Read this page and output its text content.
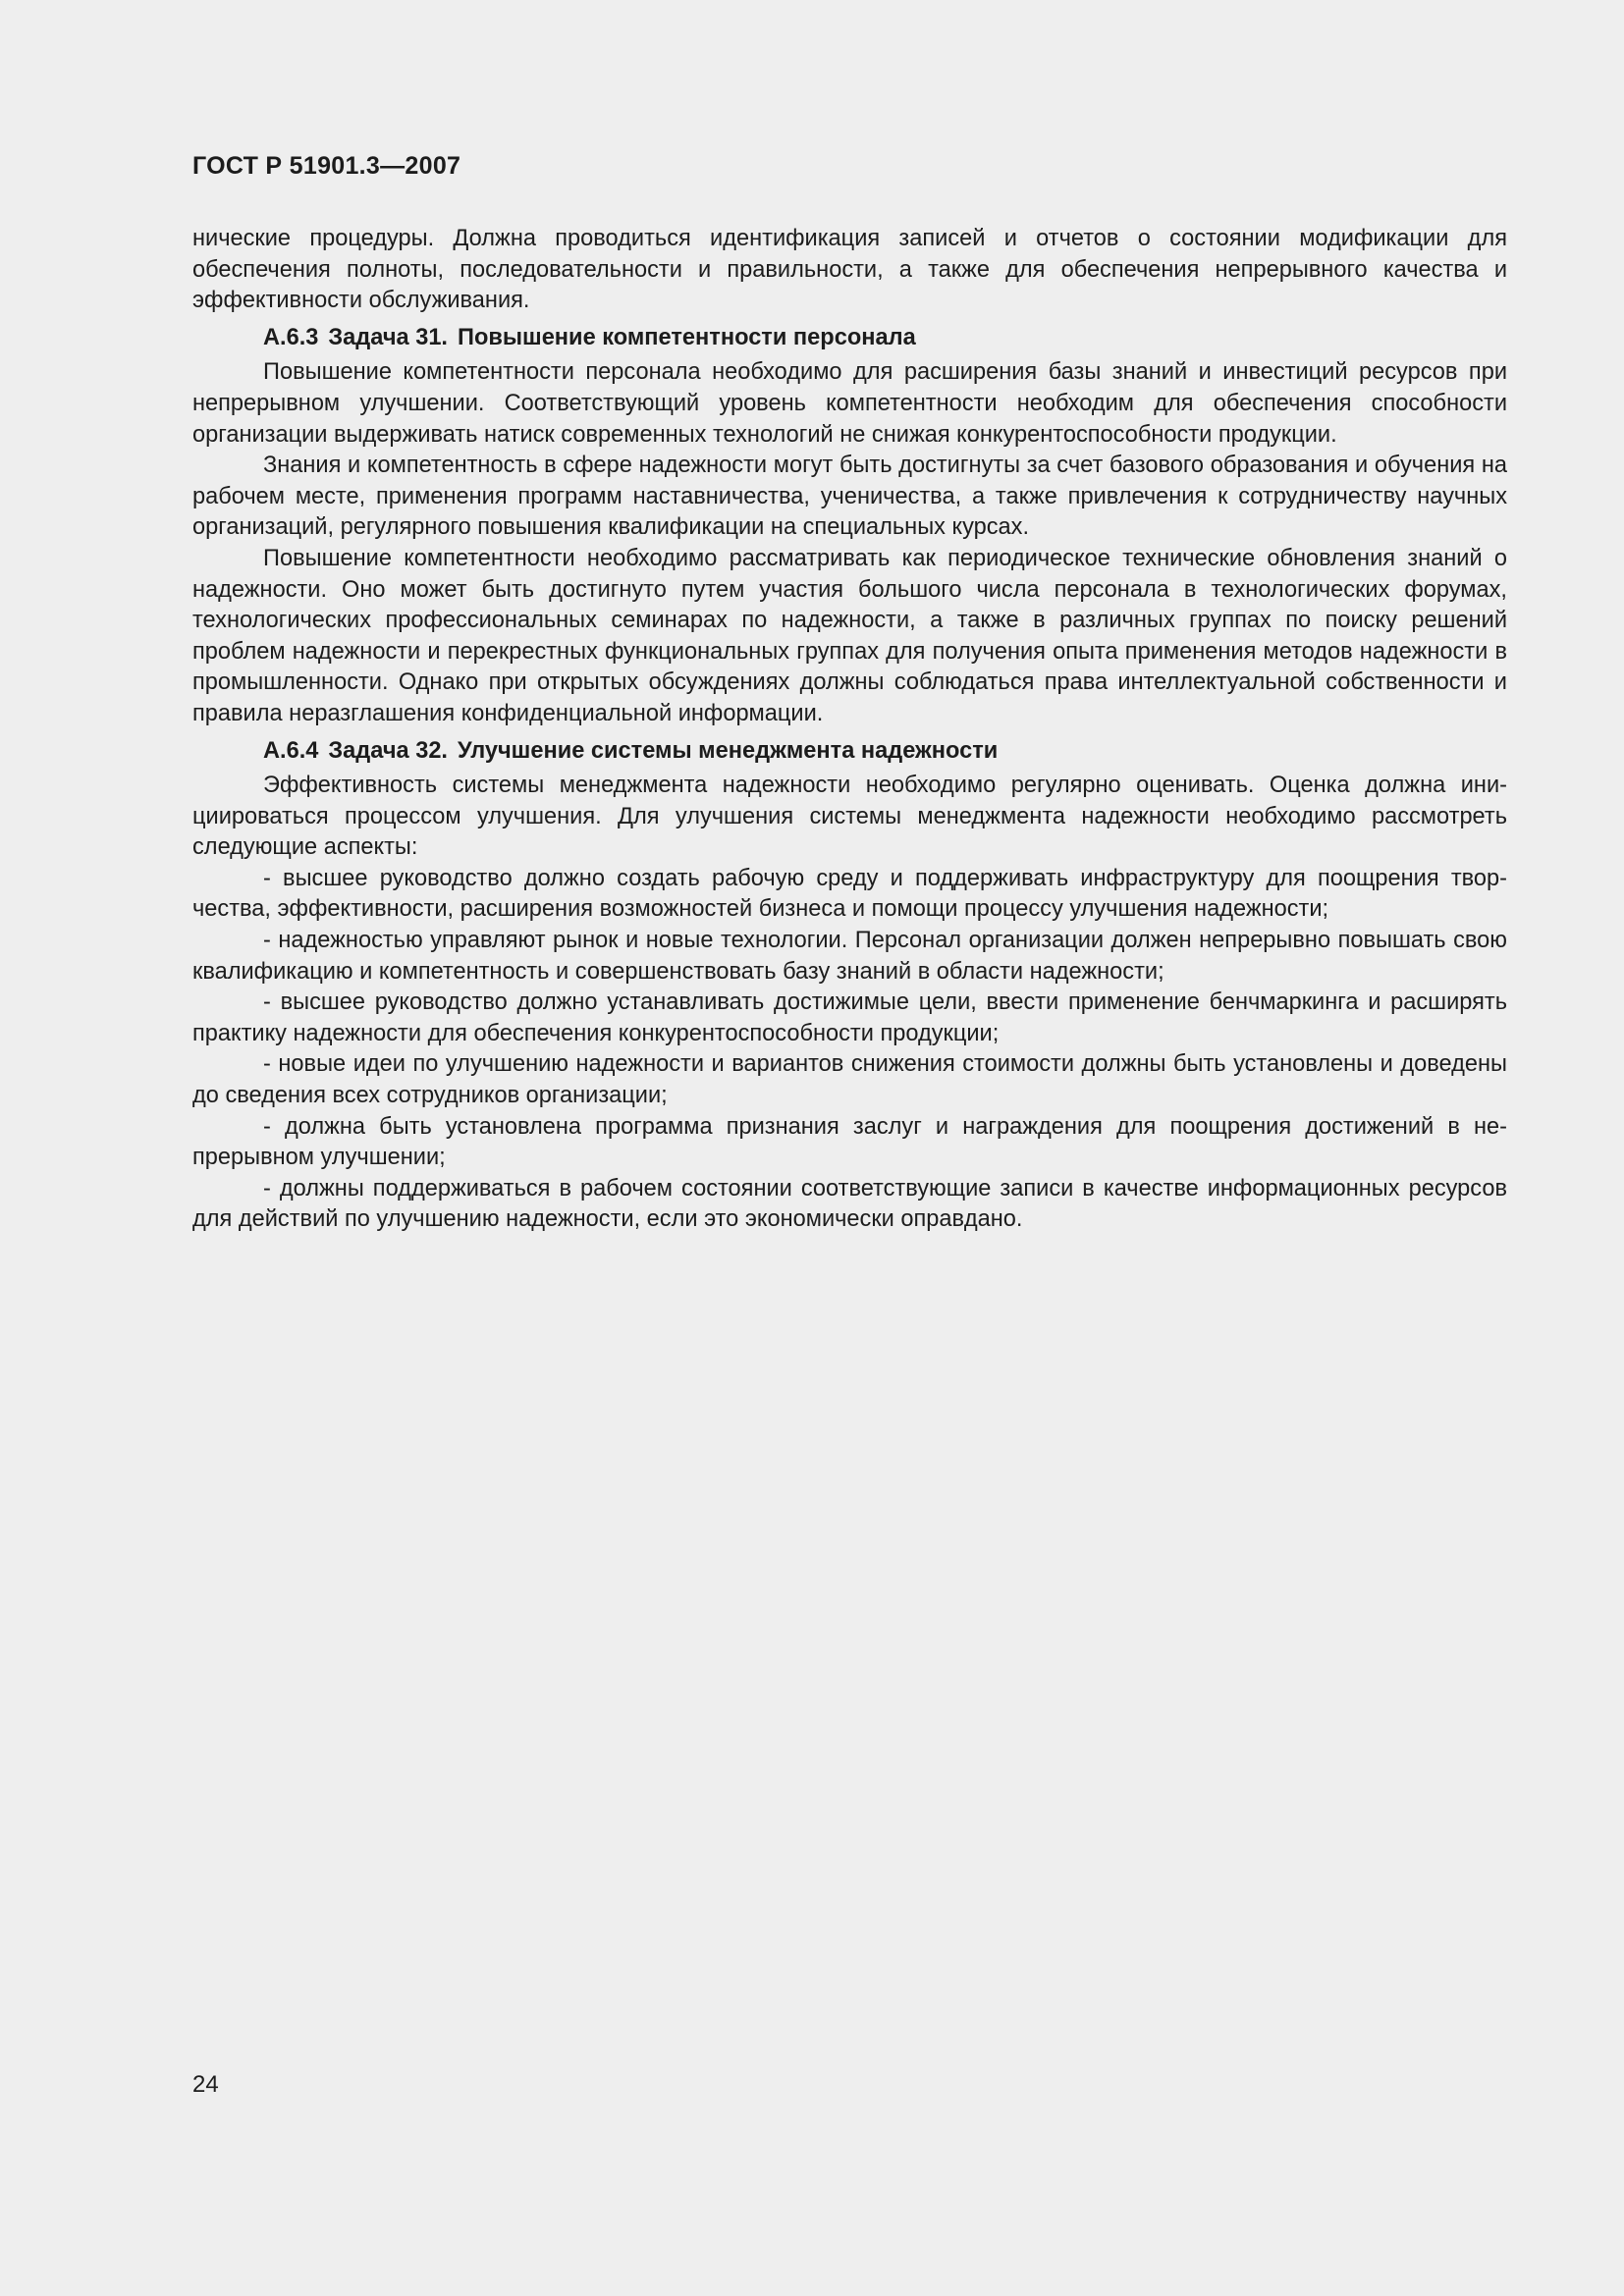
ГОСТ Р 51901.3—2007

нические процедуры. Должна проводиться идентификация записей и отчетов о состоянии модификации для обеспечения полноты, последовательности и правильности, а также для обеспечения непрерывного качества и эффективности обслуживания.

А.6.3 Задача 31. Повышение компетентности персонала

Повышение компетентности персонала необходимо для расширения базы знаний и инвестиций ресурсов при непрерывном улучшении. Соответствующий уровень компетентности необходим для обеспечения способности организации выдерживать натиск современных технологий не снижая конкурентоспособности продукции.

Знания и компетентность в сфере надежности могут быть достигнуты за счет базового образования и обучения на рабочем месте, применения программ наставничества, ученичества, а также привлечения к сотрудничеству научных организаций, регулярного повышения квалификации на специальных курсах.

Повышение компетентности необходимо рассматривать как периодическое технические обновления знаний о надежности. Оно может быть достигнуто путем участия большого числа персонала в технологических форумах, технологических профессиональных семинарах по надежности, а также в различных группах по поиску решений проблем надежности и перекрестных функциональных группах для получения опыта применения методов надежности в промышленности. Однако при открытых обсуждениях должны соблюдаться права интеллектуальной собственности и правила неразглашения конфиденциальной информации.

А.6.4 Задача 32. Улучшение системы менеджмента надежности

Эффективность системы менеджмента надежности необходимо регулярно оценивать. Оценка должна инициироваться процессом улучшения. Для улучшения системы менеджмента надежности необходимо рассмотреть следующие аспекты:

- высшее руководство должно создать рабочую среду и поддерживать инфраструктуру для поощрения творчества, эффективности, расширения возможностей бизнеса и помощи процессу улучшения надежности;

- надежностью управляют рынок и новые технологии. Персонал организации должен непрерывно повышать свою квалификацию и компетентность и совершенствовать базу знаний в области надежности;

- высшее руководство должно устанавливать достижимые цели, ввести применение бенчмаркинга и расширять практику надежности для обеспечения конкурентоспособности продукции;

- новые идеи по улучшению надежности и вариантов снижения стоимости должны быть установлены и доведены до сведения всех сотрудников организации;

- должна быть установлена программа признания заслуг и награждения для поощрения достижений в непрерывном улучшении;

- должны поддерживаться в рабочем состоянии соответствующие записи в качестве информационных ресурсов для действий по улучшению надежности, если это экономически оправдано.

24
